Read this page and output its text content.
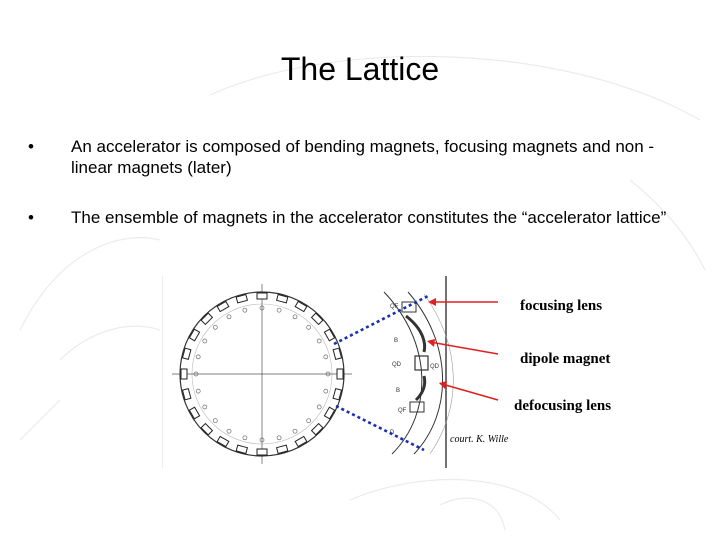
The Lattice
• An accelerator is composed of bending magnets, focusing magnets and non -linear magnets (later)
• The ensemble of magnets in the accelerator constitutes the “accelerator lattice”
QF
QD
QF
B
B
QD
D
focusing lens
dipole magnet
defocusing lens
court. K. Wille
